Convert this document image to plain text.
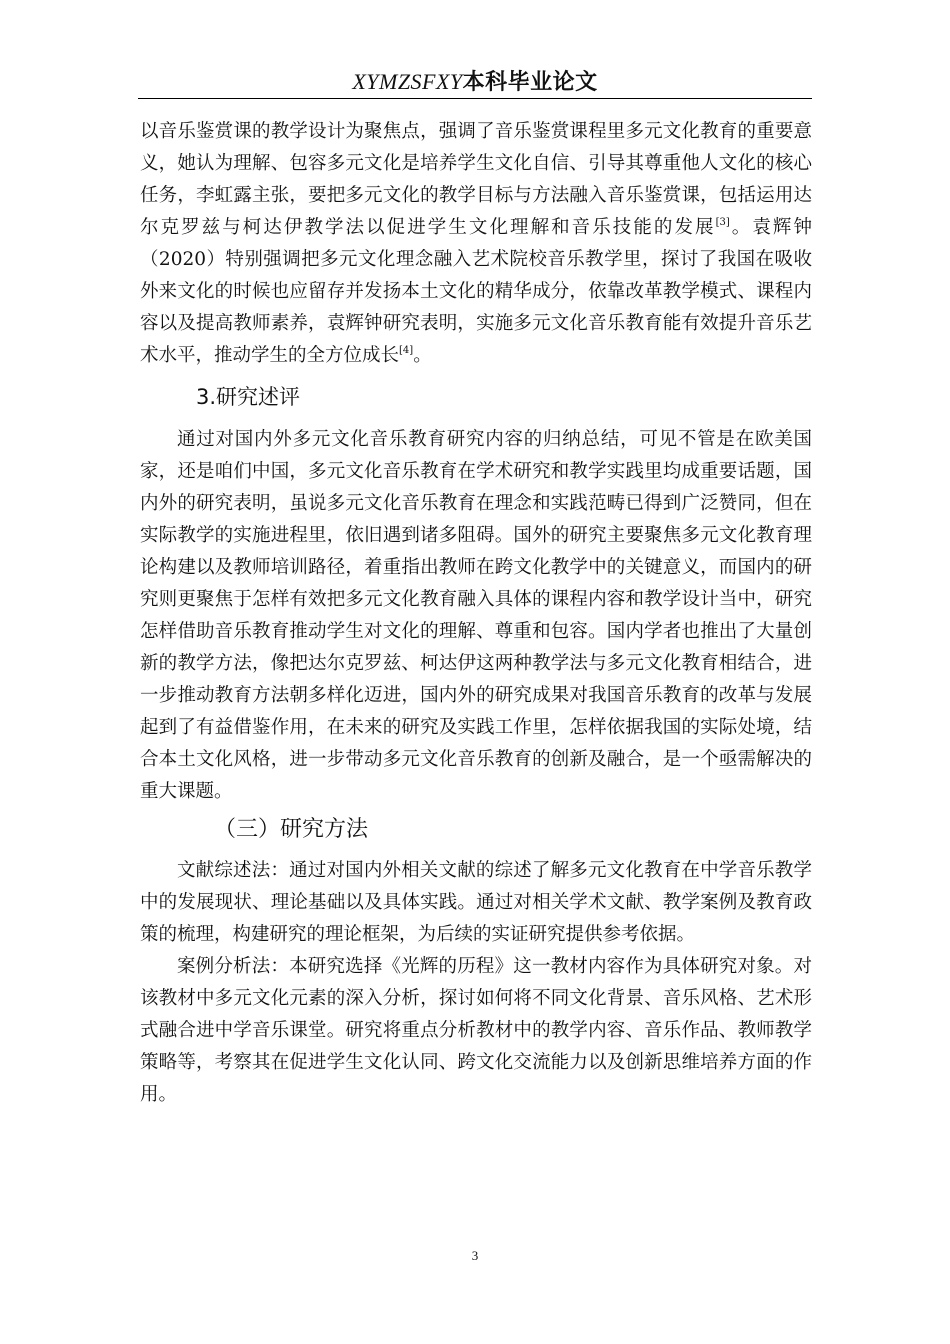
XYMZSFXY本科毕业论文

以音乐鉴赏课的教学设计为聚焦点，强调了音乐鉴赏课程里多元文化教育的重要意义，她认为理解、包容多元文化是培养学生文化自信、引导其尊重他人文化的核心任务，李虹露主张，要把多元文化的教学目标与方法融入音乐鉴赏课，包括运用达尔克罗兹与柯达伊教学法以促进学生文化理解和音乐技能的发展[3]。袁辉钟（2020）特别强调把多元文化理念融入艺术院校音乐教学里，探讨了我国在吸收外来文化的时候也应留存并发扬本土文化的精华成分，依靠改革教学模式、课程内容以及提高教师素养，袁辉钟研究表明，实施多元文化音乐教育能有效提升音乐艺术水平，推动学生的全方位成长[4]。

3.研究述评

通过对国内外多元文化音乐教育研究内容的归纳总结，可见不管是在欧美国家，还是咱们中国，多元文化音乐教育在学术研究和教学实践里均成重要话题，国内外的研究表明，虽说多元文化音乐教育在理念和实践范畴已得到广泛赞同，但在实际教学的实施进程里，依旧遇到诸多阻碍。国外的研究主要聚焦多元文化教育理论构建以及教师培训路径，着重指出教师在跨文化教学中的关键意义，而国内的研究则更聚焦于怎样有效把多元文化教育融入具体的课程内容和教学设计当中，研究怎样借助音乐教育推动学生对文化的理解、尊重和包容。国内学者也推出了大量创新的教学方法，像把达尔克罗兹、柯达伊这两种教学法与多元文化教育相结合，进一步推动教育方法朝多样化迈进，国内外的研究成果对我国音乐教育的改革与发展起到了有益借鉴作用，在未来的研究及实践工作里，怎样依据我国的实际处境，结合本土文化风格，进一步带动多元文化音乐教育的创新及融合，是一个亟需解决的重大课题。

（三）研究方法

文献综述法：通过对国内外相关文献的综述了解多元文化教育在中学音乐教学中的发展现状、理论基础以及具体实践。通过对相关学术文献、教学案例及教育政策的梳理，构建研究的理论框架，为后续的实证研究提供参考依据。

案例分析法：本研究选择《光辉的历程》这一教材内容作为具体研究对象。对该教材中多元文化元素的深入分析，探讨如何将不同文化背景、音乐风格、艺术形式融合进中学音乐课堂。研究将重点分析教材中的教学内容、音乐作品、教师教学策略等，考察其在促进学生文化认同、跨文化交流能力以及创新思维培养方面的作用。

3
